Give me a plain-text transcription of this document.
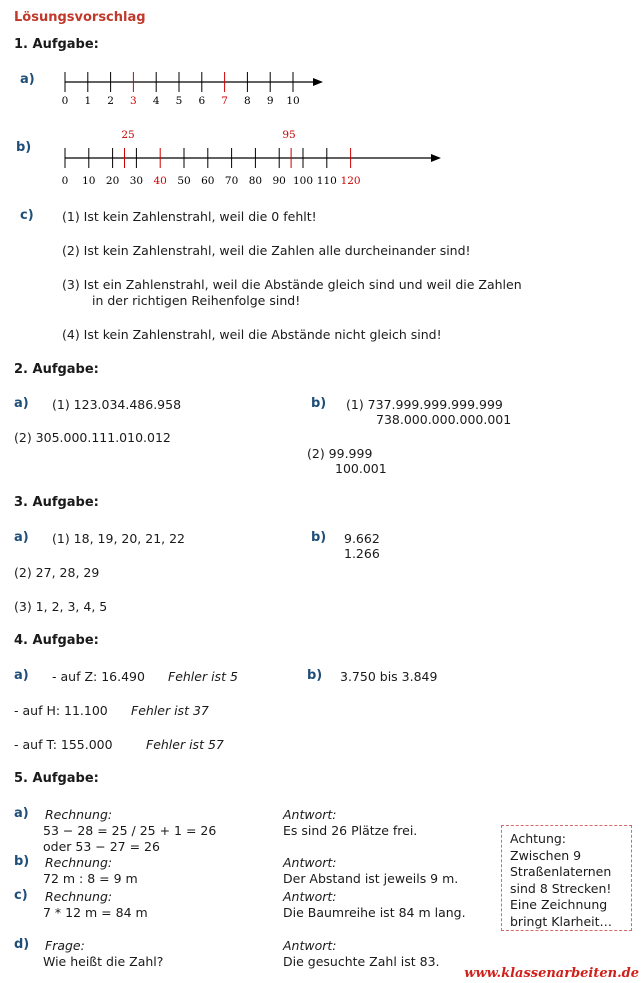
Lösungsvorschlag
1. Aufgabe:
a)
0 1 2 3 4 5 6 7 8 9 10
b)
25	95
0 10 20 30 40 50 60 70 80 90 100 110 120
c) (1) Ist kein Zahlenstrahl, weil die 0 fehlt!
(2) Ist kein Zahlenstrahl, weil die Zahlen alle durcheinander sind!
(3) Ist ein Zahlenstrahl, weil die Abstände gleich sind und weil die Zahlen
in der richtigen Reihenfolge sind!
(4) Ist kein Zahlenstrahl, weil die Abstände nicht gleich sind!
2. Aufgabe:
a) (1) 123.034.486.958
(2) 305.000.111.010.012
b) (1) 737.999.999.999.999
738.000.000.000.001
(2) 99.999
100.001
3. Aufgabe:
a) (1) 18, 19, 20, 21, 22
(2) 27, 28, 29
(3) 1, 2, 3, 4, 5
b) 9.662
1.266
4. Aufgabe:
a) - auf Z: 16.490 Fehler ist 5	b) 3.750 bis 3.849
- auf H: 11.100 Fehler ist 37
- auf T: 155.000	Fehler ist 57
5. Aufgabe:
a) Rechnung:
53 − 28 = 25 / 25 + 1 = 26
oder 53 − 27 = 26
Antwort:
Es sind 26 Plätze frei.
b) Rechnung:
72 m : 8 = 9 m
Antwort:
Der Abstand ist jeweils 9 m.
c) Rechnung:
7 * 12 m = 84 m
Antwort:
Die Baumreihe ist 84 m lang.
d) Frage:
Wie heißt die Zahl?
Antwort:
Die gesuchte Zahl ist 83.
Achtung:
Zwischen 9
Straßenlaternen
sind 8 Strecken!
Eine Zeichnung
bringt Klarheit…
www.klassenarbeiten.de
